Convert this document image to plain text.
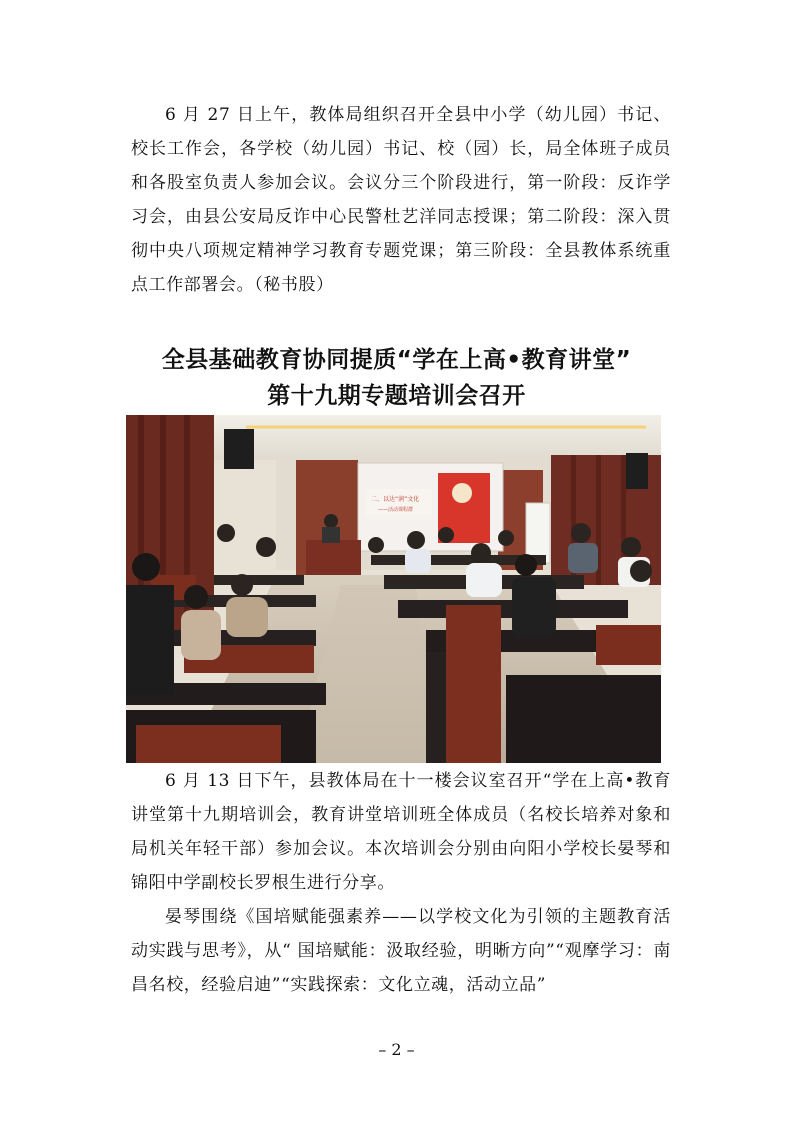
6 月 27 日上午，教体局组织召开全县中小学（幼儿园）书记、校长工作会，各学校（幼儿园）书记、校（园）长，局全体班子成员和各股室负责人参加会议。会议分三个阶段进行，第一阶段：反诈学习会，由县公安局反诈中心民警杜艺洋同志授课；第二阶段：深入贯彻中央八项规定精神学习教育专题党课；第三阶段：全县教体系统重点工作部署会。（秘书股）

全县基础教育协同提质“学在上高•教育讲堂”
第十九期专题培训会召开
二、以达“润”文化
——活动课程群

6 月 13 日下午，县教体局在十一楼会议室召开“学在上高•教育讲堂第十九期培训会，教育讲堂培训班全体成员（名校长培养对象和局机关年轻干部）参加会议。本次培训会分别由向阳小学校长晏琴和锦阳中学副校长罗根生进行分享。

晏琴围绕《国培赋能强素养——以学校文化为引领的主题教育活动实践与思考》，从“ 国培赋能：汲取经验，明晰方向”“观摩学习：南昌名校，经验启迪”“实践探索：文化立魂，活动立品”

– 2 –
